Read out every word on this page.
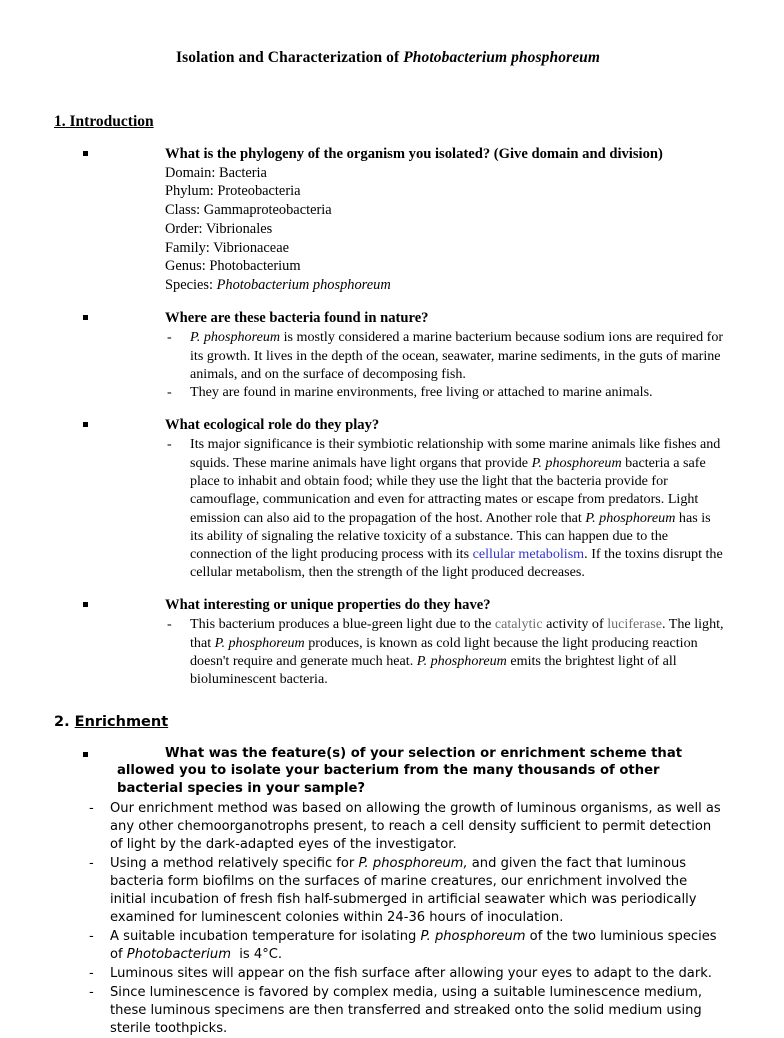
Isolation and Characterization of Photobacterium phosphoreum
1. Introduction

What is the phylogeny of the organism you isolated? (Give domain and division)

Domain: Bacteria
Phylum: Proteobacteria
Class: Gammaproteobacteria
Order: Vibrionales
Family: Vibrionaceae
Genus: Photobacterium
Species: Photobacterium phosphoreum

Where are these bacteria found in nature?

- P. phosphoreum is mostly considered a marine bacterium because sodium ions are required for its growth. It lives in the depth of the ocean, seawater, marine sediments, in the guts of marine animals, and on the surface of decomposing fish.
- They are found in marine environments, free living or attached to marine animals.

What ecological role do they play?

- Its major significance is their symbiotic relationship with some marine animals like fishes and squids. These marine animals have light organs that provide P. phosphoreum bacteria a safe place to inhabit and obtain food; while they use the light that the bacteria provide for camouflage, communication and even for attracting mates or escape from predators. Light emission can also aid to the propagation of the host. Another role that P. phosphoreum has is its ability of signaling the relative toxicity of a substance. This can happen due to the connection of the light producing process with its cellular metabolism. If the toxins disrupt the cellular metabolism, then the strength of the light produced decreases.

What interesting or unique properties do they have?

- This bacterium produces a blue-green light due to the catalytic activity of luciferase. The light, that P. phosphoreum produces, is known as cold light because the light producing reaction doesn't require and generate much heat. P. phosphoreum emits the brightest light of all bioluminescent bacteria.
2. Enrichment

What was the feature(s) of your selection or enrichment scheme that allowed you to isolate your bacterium from the many thousands of other bacterial species in your sample?

- Our enrichment method was based on allowing the growth of luminous organisms, as well as any other chemoorganotrophs present, to reach a cell density sufficient to permit detection of light by the dark-adapted eyes of the investigator.
- Using a method relatively specific for P. phosphoreum, and given the fact that luminous bacteria form biofilms on the surfaces of marine creatures, our enrichment involved the initial incubation of fresh fish half-submerged in artificial seawater which was periodically examined for luminescent colonies within 24-36 hours of inoculation.
- A suitable incubation temperature for isolating P. phosphoreum of the two luminious species of Photobacterium  is 4°C.
- Luminous sites will appear on the fish surface after allowing your eyes to adapt to the dark.
- Since luminescence is favored by complex media, using a suitable luminescence medium, these luminous specimens are then transferred and streaked onto the solid medium using sterile toothpicks.
